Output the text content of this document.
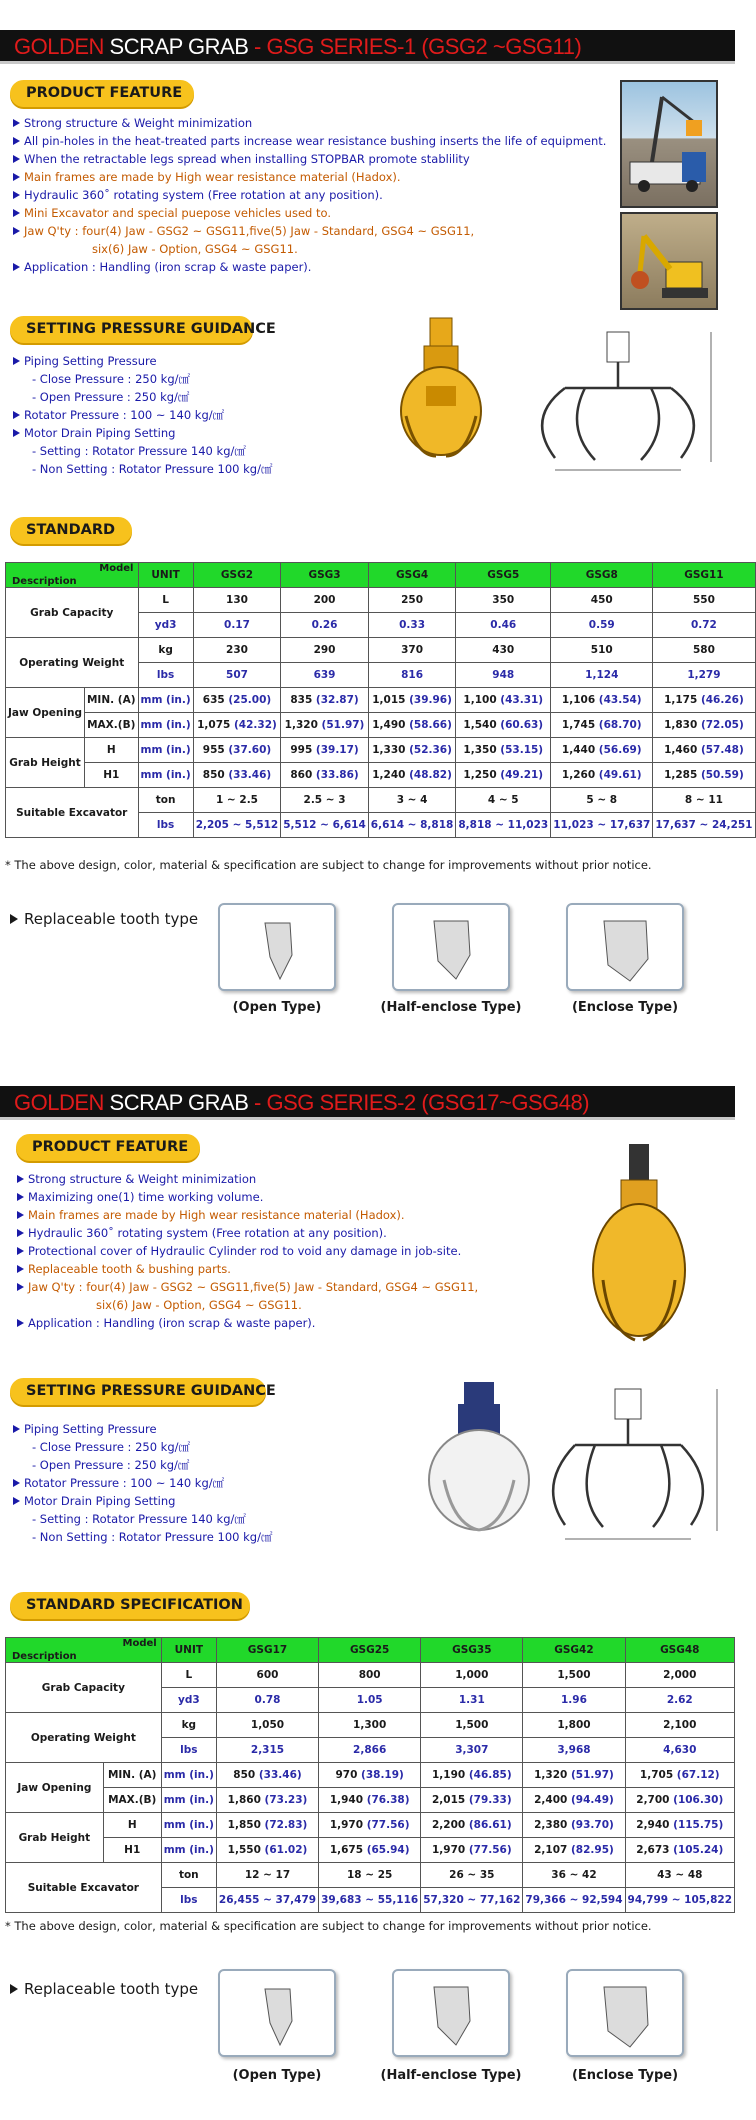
GOLDEN SCRAP GRAB - GSG SERIES-1 (GSG2 ~GSG11)
PRODUCT FEATURE
Strong structure & Weight minimization
All pin-holes in the heat-treated parts increase wear resistance bushing inserts the life of equipment.
When the retractable legs spread when installing STOPBAR promote stablility
Main frames are made by High wear resistance material (Hadox).
Hydraulic 360˚ rotating system (Free rotation at any position).
Mini Excavator and special puepose vehicles used to.
Jaw Q'ty : four(4) Jaw - GSG2 ~ GSG11,five(5) Jaw - Standard, GSG4 ~ GSG11,
six(6) Jaw - Option, GSG4 ~ GSG11.
Application : Handling (iron scrap & waste paper).
SETTING PRESSURE GUIDANCE
Piping Setting Pressure
- Close Pressure : 250 kg/㎠
- Open Pressure : 250 kg/㎠
Rotator Pressure : 100 ~ 140 kg/㎠
Motor Drain Piping Setting
- Setting : Rotator Pressure 140 kg/㎠
- Non Setting : Rotator Pressure 100 kg/㎠
STANDARD
Model
Description		UNIT	GSG2	GSG3	GSG4	GSG5	GSG8	GSG11
Grab Capacity		L	130	200	250	350	450	550
		yd3	0.17	0.26	0.33	0.46	0.59	0.72
Operating Weight		kg	230	290	370	430	510	580
		lbs	507	639	816	948	1,124	1,279
Jaw Opening	MIN. (A)	mm (in.)	635 (25.00)	835 (32.87)	1,015 (39.96)	1,100 (43.31)	1,106 (43.54)	1,175 (46.26)
	MAX.(B)	mm (in.)	1,075 (42.32)	1,320 (51.97)	1,490 (58.66)	1,540 (60.63)	1,745 (68.70)	1,830 (72.05)
Grab Height	H	mm (in.)	955 (37.60)	995 (39.17)	1,330 (52.36)	1,350 (53.15)	1,440 (56.69)	1,460 (57.48)
	H1	mm (in.)	850 (33.46)	860 (33.86)	1,240 (48.82)	1,250 (49.21)	1,260 (49.61)	1,285 (50.59)
Suitable Excavator		ton	1 ~ 2.5	2.5 ~ 3	3 ~ 4	4 ~ 5	5 ~ 8	8 ~ 11
		lbs	2,205 ~ 5,512	5,512 ~ 6,614	6,614 ~ 8,818	8,818 ~ 11,023	11,023 ~ 17,637	17,637 ~ 24,251
* The above design, color, material & specification are subject to change for improvements without prior notice.
Replaceable tooth type
(Open Type)	(Half-enclose Type)	(Enclose Type)
GOLDEN SCRAP GRAB - GSG SERIES-2 (GSG17~GSG48)
PRODUCT FEATURE
Strong structure & Weight minimization
Maximizing one(1) time working volume.
Main frames are made by High wear resistance material (Hadox).
Hydraulic 360˚ rotating system (Free rotation at any position).
Protectional cover of Hydraulic Cylinder rod to void any damage in job-site.
Replaceable tooth & bushing parts.
Jaw Q'ty : four(4) Jaw - GSG2 ~ GSG11,five(5) Jaw - Standard, GSG4 ~ GSG11,
six(6) Jaw - Option, GSG4 ~ GSG11.
Application : Handling (iron scrap & waste paper).
SETTING PRESSURE GUIDANCE
Piping Setting Pressure
- Close Pressure : 250 kg/㎠
- Open Pressure : 250 kg/㎠
Rotator Pressure : 100 ~ 140 kg/㎠
Motor Drain Piping Setting
- Setting : Rotator Pressure 140 kg/㎠
- Non Setting : Rotator Pressure 100 kg/㎠
STANDARD SPECIFICATION
Model
Description		UNIT	GSG17	GSG25	GSG35	GSG42	GSG48
Grab Capacity		L	600	800	1,000	1,500	2,000
		yd3	0.78	1.05	1.31	1.96	2.62
Operating Weight		kg	1,050	1,300	1,500	1,800	2,100
		lbs	2,315	2,866	3,307	3,968	4,630
Jaw Opening	MIN. (A)	mm (in.)	850 (33.46)	970 (38.19)	1,190 (46.85)	1,320 (51.97)	1,705 (67.12)
	MAX.(B)	mm (in.)	1,860 (73.23)	1,940 (76.38)	2,015 (79.33)	2,400 (94.49)	2,700 (106.30)
Grab Height	H	mm (in.)	1,850 (72.83)	1,970 (77.56)	2,200 (86.61)	2,380 (93.70)	2,940 (115.75)
	H1	mm (in.)	1,550 (61.02)	1,675 (65.94)	1,970 (77.56)	2,107 (82.95)	2,673 (105.24)
Suitable Excavator		ton	12 ~ 17	18 ~ 25	26 ~ 35	36 ~ 42	43 ~ 48
		lbs	26,455 ~ 37,479	39,683 ~ 55,116	57,320 ~ 77,162	79,366 ~ 92,594	94,799 ~ 105,822
* The above design, color, material & specification are subject to change for improvements without prior notice.
Replaceable tooth type
(Open Type)	(Half-enclose Type)	(Enclose Type)
